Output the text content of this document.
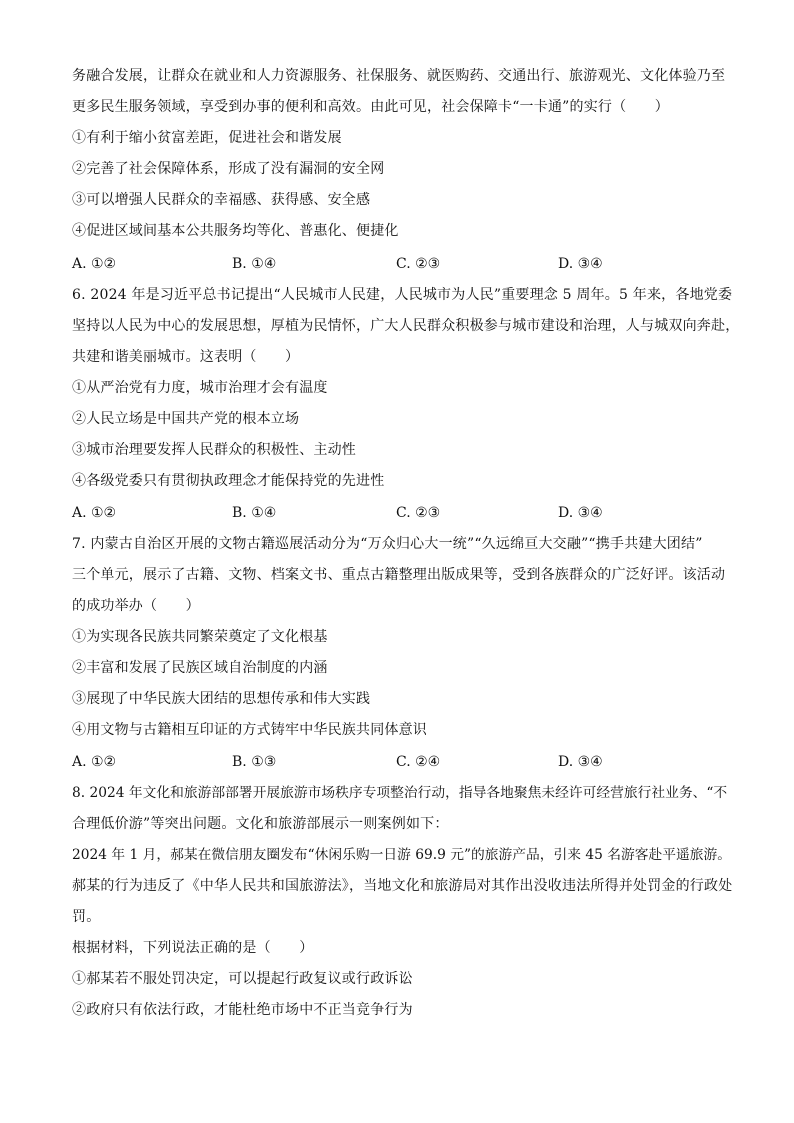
务融合发展，让群众在就业和人力资源服务、社保服务、就医购药、交通出行、旅游观光、文化体验乃至
更多民生服务领域，享受到办事的便利和高效。由此可见，社会保障卡“一卡通”的实行（　　）
①有利于缩小贫富差距，促进社会和谐发展
②完善了社会保障体系，形成了没有漏洞的安全网
③可以增强人民群众的幸福感、获得感、安全感
④促进区域间基本公共服务均等化、普惠化、便捷化
A. ①②	B. ①④	C. ②③	D. ③④
6. 2024 年是习近平总书记提出“人民城市人民建，人民城市为人民”重要理念 5 周年。5 年来，各地党委
坚持以人民为中心的发展思想，厚植为民情怀，广大人民群众积极参与城市建设和治理，人与城双向奔赴，
共建和谐美丽城市。这表明（　　）
①从严治党有力度，城市治理才会有温度
②人民立场是中国共产党的根本立场
③城市治理要发挥人民群众的积极性、主动性
④各级党委只有贯彻执政理念才能保持党的先进性
A. ①②	B. ①④	C. ②③	D. ③④
7. 内蒙古自治区开展的文物古籍巡展活动分为“万众归心大一统”“久远绵亘大交融”“携手共建大团结”
三个单元，展示了古籍、文物、档案文书、重点古籍整理出版成果等，受到各族群众的广泛好评。该活动
的成功举办（　　）
①为实现各民族共同繁荣奠定了文化根基
②丰富和发展了民族区域自治制度的内涵
③展现了中华民族大团结的思想传承和伟大实践
④用文物与古籍相互印证的方式铸牢中华民族共同体意识
A. ①②	B. ①③	C. ②④	D. ③④
8. 2024 年文化和旅游部部署开展旅游市场秩序专项整治行动，指导各地聚焦未经许可经营旅行社业务、“不
合理低价游”等突出问题。文化和旅游部展示一则案例如下：
2024 年 1 月，郝某在微信朋友圈发布“休闲乐购一日游 69.9 元”的旅游产品，引来 45 名游客赴平遥旅游。
郝某的行为违反了《中华人民共和国旅游法》，当地文化和旅游局对其作出没收违法所得并处罚金的行政处
罚。
根据材料，下列说法正确的是（　　）
①郝某若不服处罚决定，可以提起行政复议或行政诉讼
②政府只有依法行政，才能杜绝市场中不正当竞争行为
